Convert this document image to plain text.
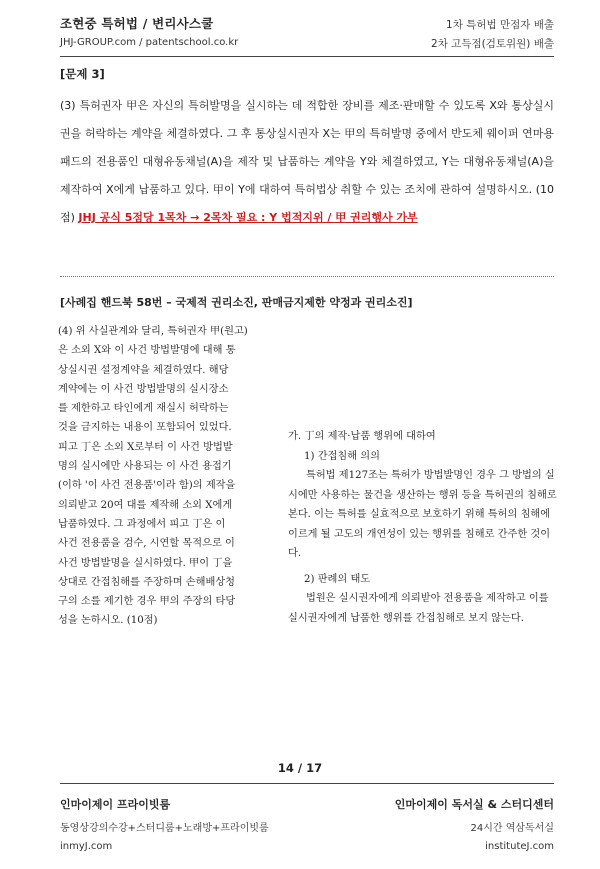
조현중 특허법 / 변리사스쿨
JHJ-GROUP.com / patentschool.co.kr
1차 특허법 만점자 배출
2차 고득점(검토위원) 배출
[문제 3]
(3) 특허권자 甲은 자신의 특허발명을 실시하는 데 적합한 장비를 제조·판매할 수 있도록 X와 통상실시권을 허락하는 계약을 체결하였다. 그 후 통상실시권자 X는 甲의 특허발명 중에서 반도체 웨이퍼 연마용 패드의 전용품인 대형유동채널(A)을 제작 및 납품하는 계약을 Y와 체결하였고, Y는 대형유동채널(A)을 제작하여 X에게 납품하고 있다. 甲이 Y에 대하여 특허법상 취할 수 있는 조치에 관하여 설명하시오. (10점) JHJ 공식 5점당 1목차 → 2목차 필요 : Y 법적지위 / 甲 권리행사 가부
[사례집 핸드북 58번 – 국제적 권리소진, 판매금지제한 약정과 권리소진]
(4) 위 사실관계와 달리, 특허권자 甲(원고)
은 소외 X와 이 사건 방법발명에 대해 통
상실시권 설정계약을 체결하였다. 해당
계약에는 이 사건 방법발명의 실시장소
를 제한하고 타인에게 재실시 허락하는
것을 금지하는 내용이 포함되어 있었다.
피고 丁은 소외 X로부터 이 사건 방법발
명의 실시에만 사용되는 이 사건 용접기
(이하 '이 사건 전용품'이라 함)의 제작을
의뢰받고 20여 대를 제작해 소외 X에게
납품하였다. 그 과정에서 피고 丁은 이
사건 전용품을 검수, 시연할 목적으로 이
사건 방법발명을 실시하였다. 甲이 丁을
상대로 간접침해를 주장하며 손해배상청
구의 소를 제기한 경우 甲의 주장의 타당
성을 논하시오. (10점)
가. 丁의 제작·납품 행위에 대하여
1) 간접침해 의의
특허법 제127조는 특허가 방법발명인 경우 그 방법의 실시에만 사용하는 물건을 생산하는 행위 등을 특허권의 침해로 본다. 이는 특허를 실효적으로 보호하기 위해 특허의 침해에 이르게 될 고도의 개연성이 있는 행위를 침해로 간주한 것이다.
2) 판례의 태도
법원은 실시권자에게 의뢰받아 전용품을 제작하고 이를 실시권자에게 납품한 행위를 간접침해로 보지 않는다.
14 / 17
인마이제이 프라이빗룸
동영상강의수강+스터디룸+노래방+프라이빗룸
inmyJ.com
인마이제이 독서실 & 스터디센터
24시간 역삼독서실
instituteJ.com
